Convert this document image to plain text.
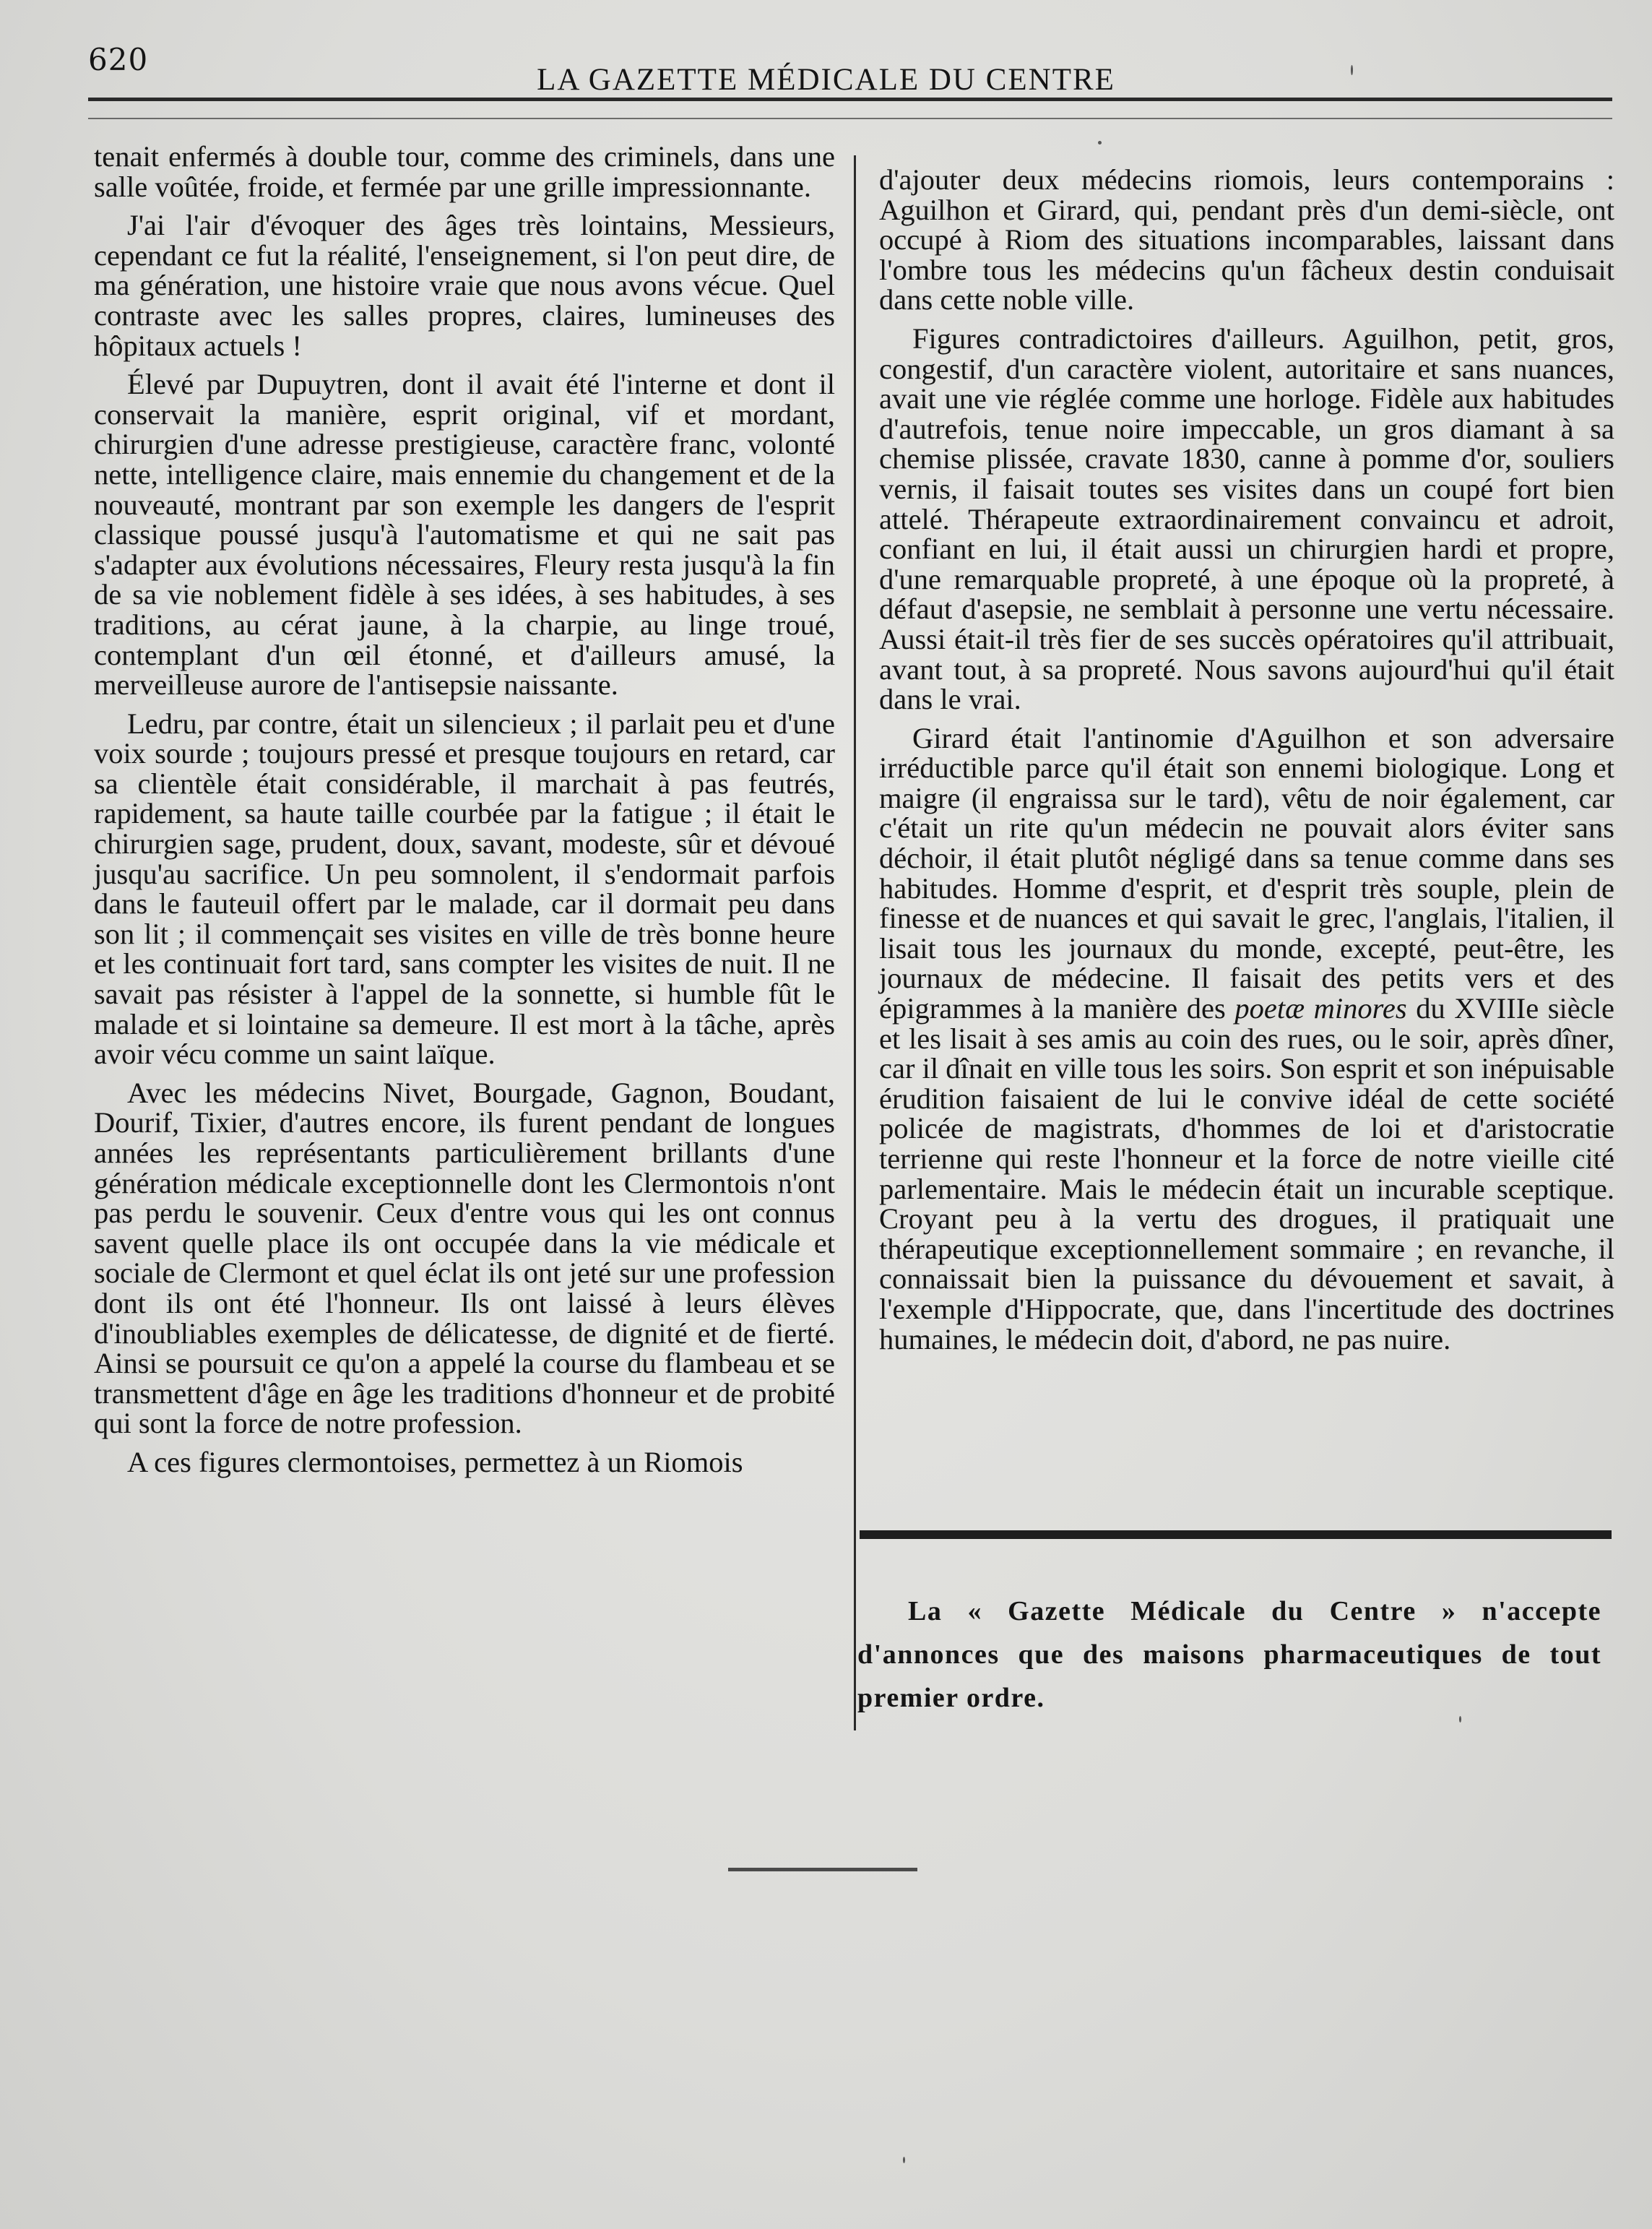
620
LA GAZETTE MÉDICALE DU CENTRE

tenait enfermés à double tour, comme des criminels, dans une salle voûtée, froide, et fermée par une grille impressionnante.

J'ai l'air d'évoquer des âges très lointains, Messieurs, cependant ce fut la réalité, l'enseignement, si l'on peut dire, de ma génération, une histoire vraie que nous avons vécue. Quel contraste avec les salles propres, claires, lumineuses des hôpitaux actuels !

Élevé par Dupuytren, dont il avait été l'interne et dont il conservait la manière, esprit original, vif et mordant, chirurgien d'une adresse prestigieuse, caractère franc, volonté nette, intelligence claire, mais ennemie du changement et de la nouveauté, montrant par son exemple les dangers de l'esprit classique poussé jusqu'à l'automatisme et qui ne sait pas s'adapter aux évolutions nécessaires, Fleury resta jusqu'à la fin de sa vie noblement fidèle à ses idées, à ses habitudes, à ses traditions, au cérat jaune, à la charpie, au linge troué, contemplant d'un œil étonné, et d'ailleurs amusé, la merveilleuse aurore de l'antisepsie naissante.

Ledru, par contre, était un silencieux ; il parlait peu et d'une voix sourde ; toujours pressé et presque toujours en retard, car sa clientèle était considérable, il marchait à pas feutrés, rapidement, sa haute taille courbée par la fatigue ; il était le chirurgien sage, prudent, doux, savant, modeste, sûr et dévoué jusqu'au sacrifice. Un peu somnolent, il s'endormait parfois dans le fauteuil offert par le malade, car il dormait peu dans son lit ; il commençait ses visites en ville de très bonne heure et les continuait fort tard, sans compter les visites de nuit. Il ne savait pas résister à l'appel de la sonnette, si humble fût le malade et si lointaine sa demeure. Il est mort à la tâche, après avoir vécu comme un saint laïque.

Avec les médecins Nivet, Bourgade, Gagnon, Boudant, Dourif, Tixier, d'autres encore, ils furent pendant de longues années les représentants particulièrement brillants d'une génération médicale exceptionnelle dont les Clermontois n'ont pas perdu le souvenir. Ceux d'entre vous qui les ont connus savent quelle place ils ont occupée dans la vie médicale et sociale de Clermont et quel éclat ils ont jeté sur une profession dont ils ont été l'honneur. Ils ont laissé à leurs élèves d'inoubliables exemples de délicatesse, de dignité et de fierté. Ainsi se poursuit ce qu'on a appelé la course du flambeau et se transmettent d'âge en âge les traditions d'honneur et de probité qui sont la force de notre profession.

A ces figures clermontoises, permettez à un Riomois

d'ajouter deux médecins riomois, leurs contemporains : Aguilhon et Girard, qui, pendant près d'un demi-siècle, ont occupé à Riom des situations incomparables, laissant dans l'ombre tous les médecins qu'un fâcheux destin conduisait dans cette noble ville.

Figures contradictoires d'ailleurs. Aguilhon, petit, gros, congestif, d'un caractère violent, autoritaire et sans nuances, avait une vie réglée comme une horloge. Fidèle aux habitudes d'autrefois, tenue noire impeccable, un gros diamant à sa chemise plissée, cravate 1830, canne à pomme d'or, souliers vernis, il faisait toutes ses visites dans un coupé fort bien attelé. Thérapeute extraordinairement convaincu et adroit, confiant en lui, il était aussi un chirurgien hardi et propre, d'une remarquable propreté, à une époque où la propreté, à défaut d'asepsie, ne semblait à personne une vertu nécessaire. Aussi était-il très fier de ses succès opératoires qu'il attribuait, avant tout, à sa propreté. Nous savons aujourd'hui qu'il était dans le vrai.

Girard était l'antinomie d'Aguilhon et son adversaire irréductible parce qu'il était son ennemi biologique. Long et maigre (il engraissa sur le tard), vêtu de noir également, car c'était un rite qu'un médecin ne pouvait alors éviter sans déchoir, il était plutôt négligé dans sa tenue comme dans ses habitudes. Homme d'esprit, et d'esprit très souple, plein de finesse et de nuances et qui savait le grec, l'anglais, l'italien, il lisait tous les journaux du monde, excepté, peut-être, les journaux de médecine. Il faisait des petits vers et des épigrammes à la manière des poetæ minores du XVIIIe siècle et les lisait à ses amis au coin des rues, ou le soir, après dîner, car il dînait en ville tous les soirs. Son esprit et son inépuisable érudition faisaient de lui le convive idéal de cette société policée de magistrats, d'hommes de loi et d'aristocratie terrienne qui reste l'honneur et la force de notre vieille cité parlementaire. Mais le médecin était un incurable sceptique. Croyant peu à la vertu des drogues, il pratiquait une thérapeutique exceptionnellement sommaire ; en revanche, il connaissait bien la puissance du dévouement et savait, à l'exemple d'Hippocrate, que, dans l'incertitude des doctrines humaines, le médecin doit, d'abord, ne pas nuire.

La « Gazette Médicale du Centre » n'accepte d'annonces que des maisons pharmaceutiques de tout premier ordre.
